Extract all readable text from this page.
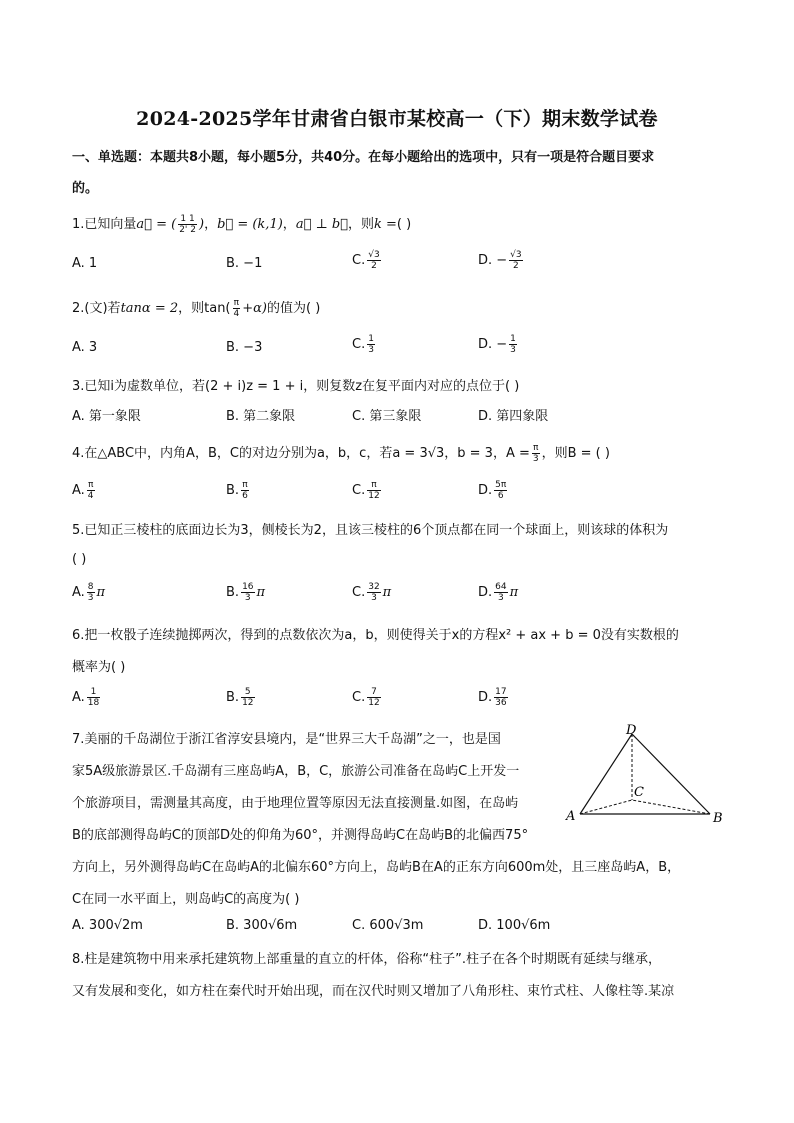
2024-2025学年甘肃省白银市某校高一（下）期末数学试卷
一、单选题：本题共8小题，每小题5分，共40分。在每小题给出的选项中，只有一项是符合题目要求
的。
1.已知向量a⃗ = ( $\frac{1 1}{2' 2}$ )，b⃗ = (k,1)，a⃗ ⊥ b⃗，则k =( )
A. 1	B. −1	C. $\frac{√3}{2}$	D. − $\frac{√3}{2}$
2.(文)若tanα = 2，则$\tan( \frac{\pi}{4} +\alpha)$的值为( )
A. 3	B. −3	C. $\frac{1}{3}$	D. − $\frac{1}{3}$
3.已知i为虚数单位，若(2 + i)z = 1 + i，则复数z在复平面内对应的点位于( )
A. 第一象限	B. 第二象限	C. 第三象限	D. 第四象限
4.在△ABC中，内角A，B，C的对边分别为a，b，c，若a = 3√3，b = 3，$A = \frac{\pi}{3}$ ，则B = ( )
A. $\frac{\pi}{4}$	B. $\frac{\pi}{6}$	C. $\frac{\pi}{12}$	D. $\frac{5\pi}{6}$
5.已知正三棱柱的底面边长为3，侧棱长为2，且该三棱柱的6个顶点都在同一个球面上，则该球的体积为
( )
A. $\frac{8}{3}$ π	B. $\frac{16}{3}$ π	C. $\frac{32}{3}$ π	D. $\frac{64}{3}$ π
6.把一枚骰子连续抛掷两次，得到的点数依次为a，b，则使得关于x的方程x² + ax + b = 0没有实数根的
概率为( )
A. $\frac{1}{18}$	B. $\frac{5}{12}$	C. $\frac{7}{12}$	D. $\frac{17}{36}$
7.美丽的千岛湖位于浙江省淳安县境内，是“世界三大千岛湖”之一，也是国
家5A级旅游景区.千岛湖有三座岛屿A，B，C，旅游公司准备在岛屿C上开发一
个旅游项目，需测量其高度，由于地理位置等原因无法直接测量.如图，在岛屿
B的底部测得岛屿C的顶部D处的仰角为60°，并测得岛屿C在岛屿B的北偏西75°
方向上，另外测得岛屿C在岛屿A的北偏东60°方向上，岛屿B在A的正东方向600m处，且三座岛屿A，B，
C在同一水平面上，则岛屿C的高度为( )
A. 300√2m	B. 300√6m	C. 600√3m	D. 100√6m
D
C
A	B
8.柱是建筑物中用来承托建筑物上部重量的直立的杆体，俗称“柱子”.柱子在各个时期既有延续与继承，
又有发展和变化，如方柱在秦代时开始出现，而在汉代时则又增加了八角形柱、束竹式柱、人像柱等.某凉
